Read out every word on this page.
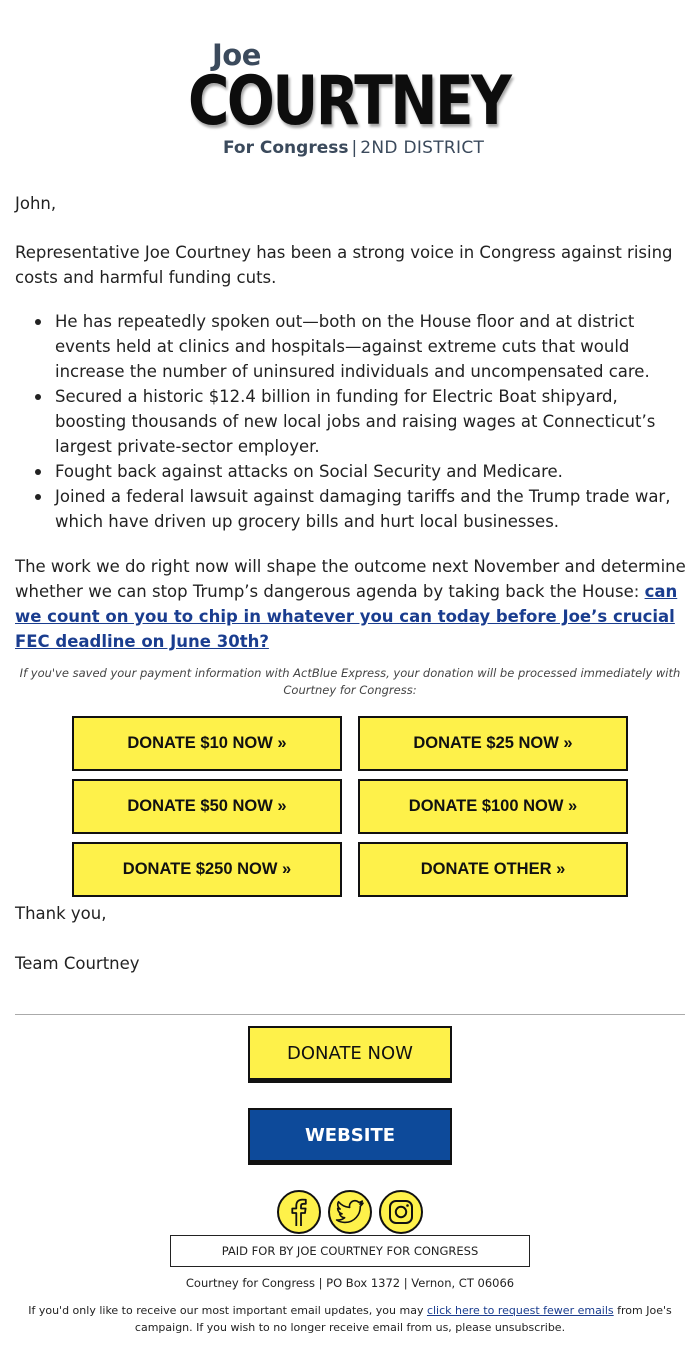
Joe
COURTNEY
For Congress | 2ND DISTRICT

John,

Representative Joe Courtney has been a strong voice in Congress against rising costs and harmful funding cuts.

He has repeatedly spoken out—both on the House floor and at district events held at clinics and hospitals—against extreme cuts that would increase the number of uninsured individuals and uncompensated care.
Secured a historic $12.4 billion in funding for Electric Boat shipyard, boosting thousands of new local jobs and raising wages at Connecticut’s largest private-sector employer.
Fought back against attacks on Social Security and Medicare.
Joined a federal lawsuit against damaging tariffs and the Trump trade war, which have driven up grocery bills and hurt local businesses.

The work we do right now will shape the outcome next November and determine whether we can stop Trump’s dangerous agenda by taking back the House: can we count on you to chip in whatever you can today before Joe’s crucial FEC deadline on June 30th?

If you've saved your payment information with ActBlue Express, your donation will be processed immediately with Courtney for Congress:

DONATE $10 NOW »	DONATE $25 NOW »
DONATE $50 NOW »	DONATE $100 NOW »
DONATE $250 NOW »	DONATE OTHER »

Thank you,

Team Courtney

DONATE NOW
WEBSITE
PAID FOR BY JOE COURTNEY FOR CONGRESS
Courtney for Congress | PO Box 1372 | Vernon, CT 06066

If you'd only like to receive our most important email updates, you may click here to request fewer emails from Joe's campaign. If you wish to no longer receive email from us, please unsubscribe.
